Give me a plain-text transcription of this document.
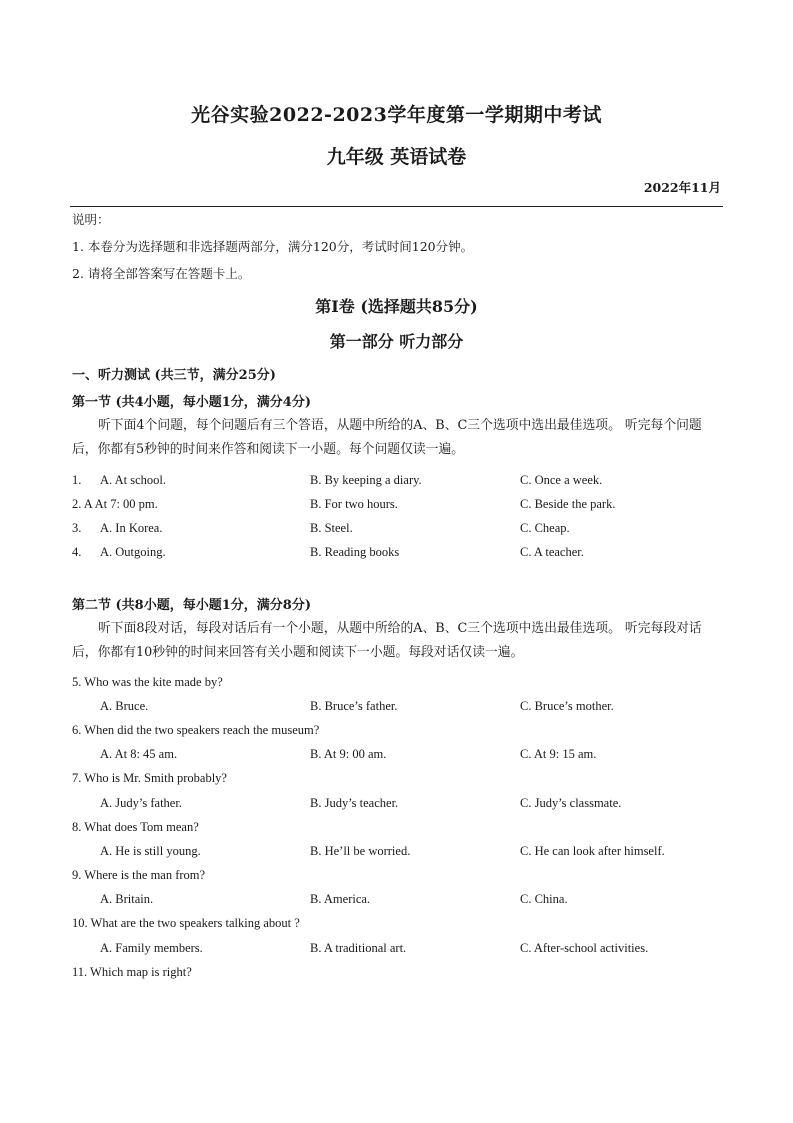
光谷实验2022-2023学年度第一学期期中考试
九年级 英语试卷
2022年11月
说明：
1. 本卷分为选择题和非选择题两部分，满分120分，考试时间120分钟。
2. 请将全部答案写在答题卡上。
第I卷 (选择题共85分)
第一部分 听力部分
一、听力测试 (共三节，满分25分)
第一节 (共4小题，每小题1分，满分4分)
听下面4个问题，每个问题后有三个答语，从题中所给的A、B、C三个选项中选出最佳选项。 听完每个问题后，你都有5秒钟的时间来作答和阅读下一小题。每个问题仅读一遍。
1. A. At school.	B. By keeping a diary.	C. Once a week.
2. A At 7: 00 pm.	B. For two hours.	C. Beside the park.
3. A. In Korea.	B. Steel.	C. Cheap.
4. A. Outgoing.	B. Reading books	C. A teacher.
第二节 (共8小题，每小题1分，满分8分)
听下面8段对话，每段对话后有一个小题，从题中所给的A、B、C三个选项中选出最佳选项。 听完每段对话后，你都有10秒钟的时间来回答有关小题和阅读下一小题。每段对话仅读一遍。
5. Who was the kite made by?
A. Bruce.	B. Bruce’s father.	C. Bruce’s mother.
6. When did the two speakers reach the museum?
A. At 8: 45 am.	B. At 9: 00 am.	C. At 9: 15 am.
7. Who is Mr. Smith probably?
A. Judy’s father.	B. Judy’s teacher.	C. Judy’s classmate.
8. What does Tom mean?
A. He is still young.	B. He’ll be worried.	C. He can look after himself.
9. Where is the man from?
A. Britain.	B. America.	C. China.
10. What are the two speakers talking about ?
A. Family members.	B. A traditional art.	C. After-school activities.
11. Which map is right?
